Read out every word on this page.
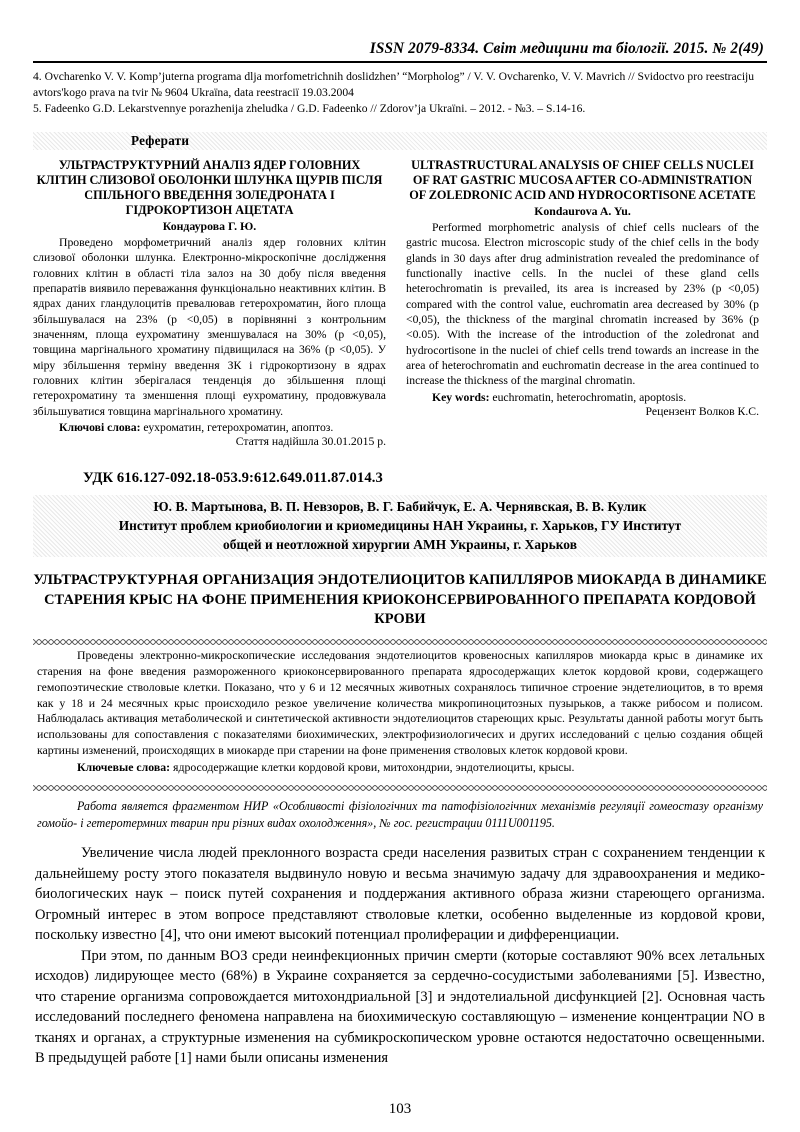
ISSN 2079-8334. Світ медицини та біології. 2015. № 2(49)
4. Ovcharenko V. V. Komp’juterna programa dlja morfometrichnih doslidzhen’ “Morpholog” / V. V. Ovcharenko, V. V. Mavrich // Svidoctvo pro reestraciju avtors'kogo prava na tvir № 9604 Ukraїna, data reestraciї 19.03.2004
5. Fadeenko G.D. Lekarstvennye porazhenija zheludka / G.D. Fadeenko // Zdorov’ja Ukraїni. – 2012. - №3. – S.14-16.
Реферати
УЛЬТРАСТРУКТУРНИЙ АНАЛІЗ ЯДЕР ГОЛОВНИХ КЛІТИН СЛИЗОВОЇ ОБОЛОНКИ ШЛУНКА ЩУРІВ ПІСЛЯ СПІЛЬНОГО ВВЕДЕННЯ ЗОЛЕДРОНАТА І ГІДРОКОРТИЗОН АЦЕТАТА
Кондаурова Г. Ю.
Проведено морфометричний аналіз ядер головних клітин слизової оболонки шлунка. Електронно-мікроскопічне дослідження головних клітин в області тіла залоз на 30 добу після введення препаратів виявило переважання функціонально неактивних клітин. В ядрах даних гландулоцитів превалював гетерохроматин, його площа збільшувалася на 23% (p <0,05) в порівнянні з контрольним значенням, площа еухроматину зменшувалася на 30% (p <0,05), товщина маргінального хроматину підвищилася на 36% (p <0,05). У міру збільшення терміну введення ЗК і гідрокортизону в ядрах головних клітин зберігалася тенденція до збільшення площі гетерохроматину та зменшення площі еухроматину, продовжувала збільшуватися товщина маргінального хроматину.
Ключові слова: еухроматин, гетерохроматин, апоптоз.
Стаття надійшла 30.01.2015 р.
ULTRASTRUCTURAL ANALYSIS OF CHIEF CELLS NUCLEI OF RAT GASTRIC MUCOSA AFTER CO-ADMINISTRATION OF ZOLEDRONIC ACID AND HYDROCORTISONE ACETATE
Kondaurova A. Yu.
Performed morphometric analysis of chief cells nuclears of the gastric mucosa. Electron microscopic study of the chief cells in the body glands in 30 days after drug administration revealed the predominance of functionally inactive cells. In the nuclei of these gland cells heterochromatin is prevailed, its area is increased by 23% (p <0,05) compared with the control value, euchromatin area decreased by 30% (p <0,05), the thickness of the marginal chromatin increased by 36% (p <0.05). With the increase of the introduction of the zoledronat and hydrocortisone in the nuclei of chief cells trend towards an increase in the area of heterochromatin and euchromatin decrease in the area continued to increase the thickness of the marginal chromatin.
Key words: euchromatin, heterochromatin, apoptosis.
Рецензент Волков К.С.
УДК 616.127-092.18-053.9:612.649.011.87.014.3
Ю. В. Мартынова, В. П. Невзоров, В. Г. Бабийчук, Е. А. Чернявская, В. В. Кулик
Институт проблем криобиологии и криомедицины НАН Украины, г. Харьков, ГУ Институт
общей и неотложной хирургии АМН Украины, г. Харьков
УЛЬТРАСТРУКТУРНАЯ ОРГАНИЗАЦИЯ ЭНДОТЕЛИОЦИТОВ КАПИЛЛЯРОВ МИОКАРДА В ДИНАМИКЕ СТАРЕНИЯ КРЫС НА ФОНЕ ПРИМЕНЕНИЯ КРИОКОНСЕРВИРОВАННОГО ПРЕПАРАТА КОРДОВОЙ КРОВИ
Проведены электронно-микроскопические исследования эндотелиоцитов кровеносных капилляров миокарда крыс в динамике их старения на фоне введения размороженного криоконсервированного препарата ядросодержащих клеток кордовой крови, содержащего гемопоэтические стволовые клетки. Показано, что у 6 и 12 месячных животных сохранялось типичное строение эндетелиоцитов, в то время как у 18 и 24 месячных крыс происходило резкое увеличение количества микропиноцитозных пузырьков, а также рибосом и полисом. Наблюдалась активация метаболической и синтетической активности эндотелиоцитов стареющих крыс. Результаты данной работы могут быть использованы для сопоставления с показателями биохимических, электрофизиологичесих и других исследований с целью создания общей картины изменений, происходящих в миокарде при старении на фоне применения стволовых клеток кордовой крови.
Ключевые слова: ядросодержащие клетки кордовой крови, митохондрии, эндотелиоциты, крысы.
Работа является фрагментом НИР «Особливості фізіологічних та патофізіологічних механізмів регуляції гомеостазу організму гомойо- і гетеротермних тварин при різних видах охолодження», № гос. регистрации 0111U001195.

Увеличение числа людей преклонного возраста среди населения развитых стран с сохранением тенденции к дальнейшему росту этого показателя выдвинуло новую и весьма значимую задачу для здравоохранения и медико-биологических наук – поиск путей сохранения и поддержания активного образа жизни стареющего организма. Огромный интерес в этом вопросе представляют стволовые клетки, особенно выделенные из кордовой крови, поскольку известно [4], что они имеют высокий потенциал пролиферации и дифференциации.

При этом, по данным ВОЗ среди неинфекционных причин смерти (которые составляют 90% всех летальных исходов) лидирующее место (68%) в Украине сохраняется за сердечно-сосудистыми заболеваниями [5]. Известно, что старение организма сопровождается митохондриальной [3] и эндотелиальной дисфункцией [2]. Основная часть исследований последнего феномена направлена на биохимическую составляющую – изменение концентрации NO в тканях и органах, а структурные изменения на субмикроскопическом уровне остаются недостаточно освещенными. В предыдущей работе [1] нами были описаны изменения

103
